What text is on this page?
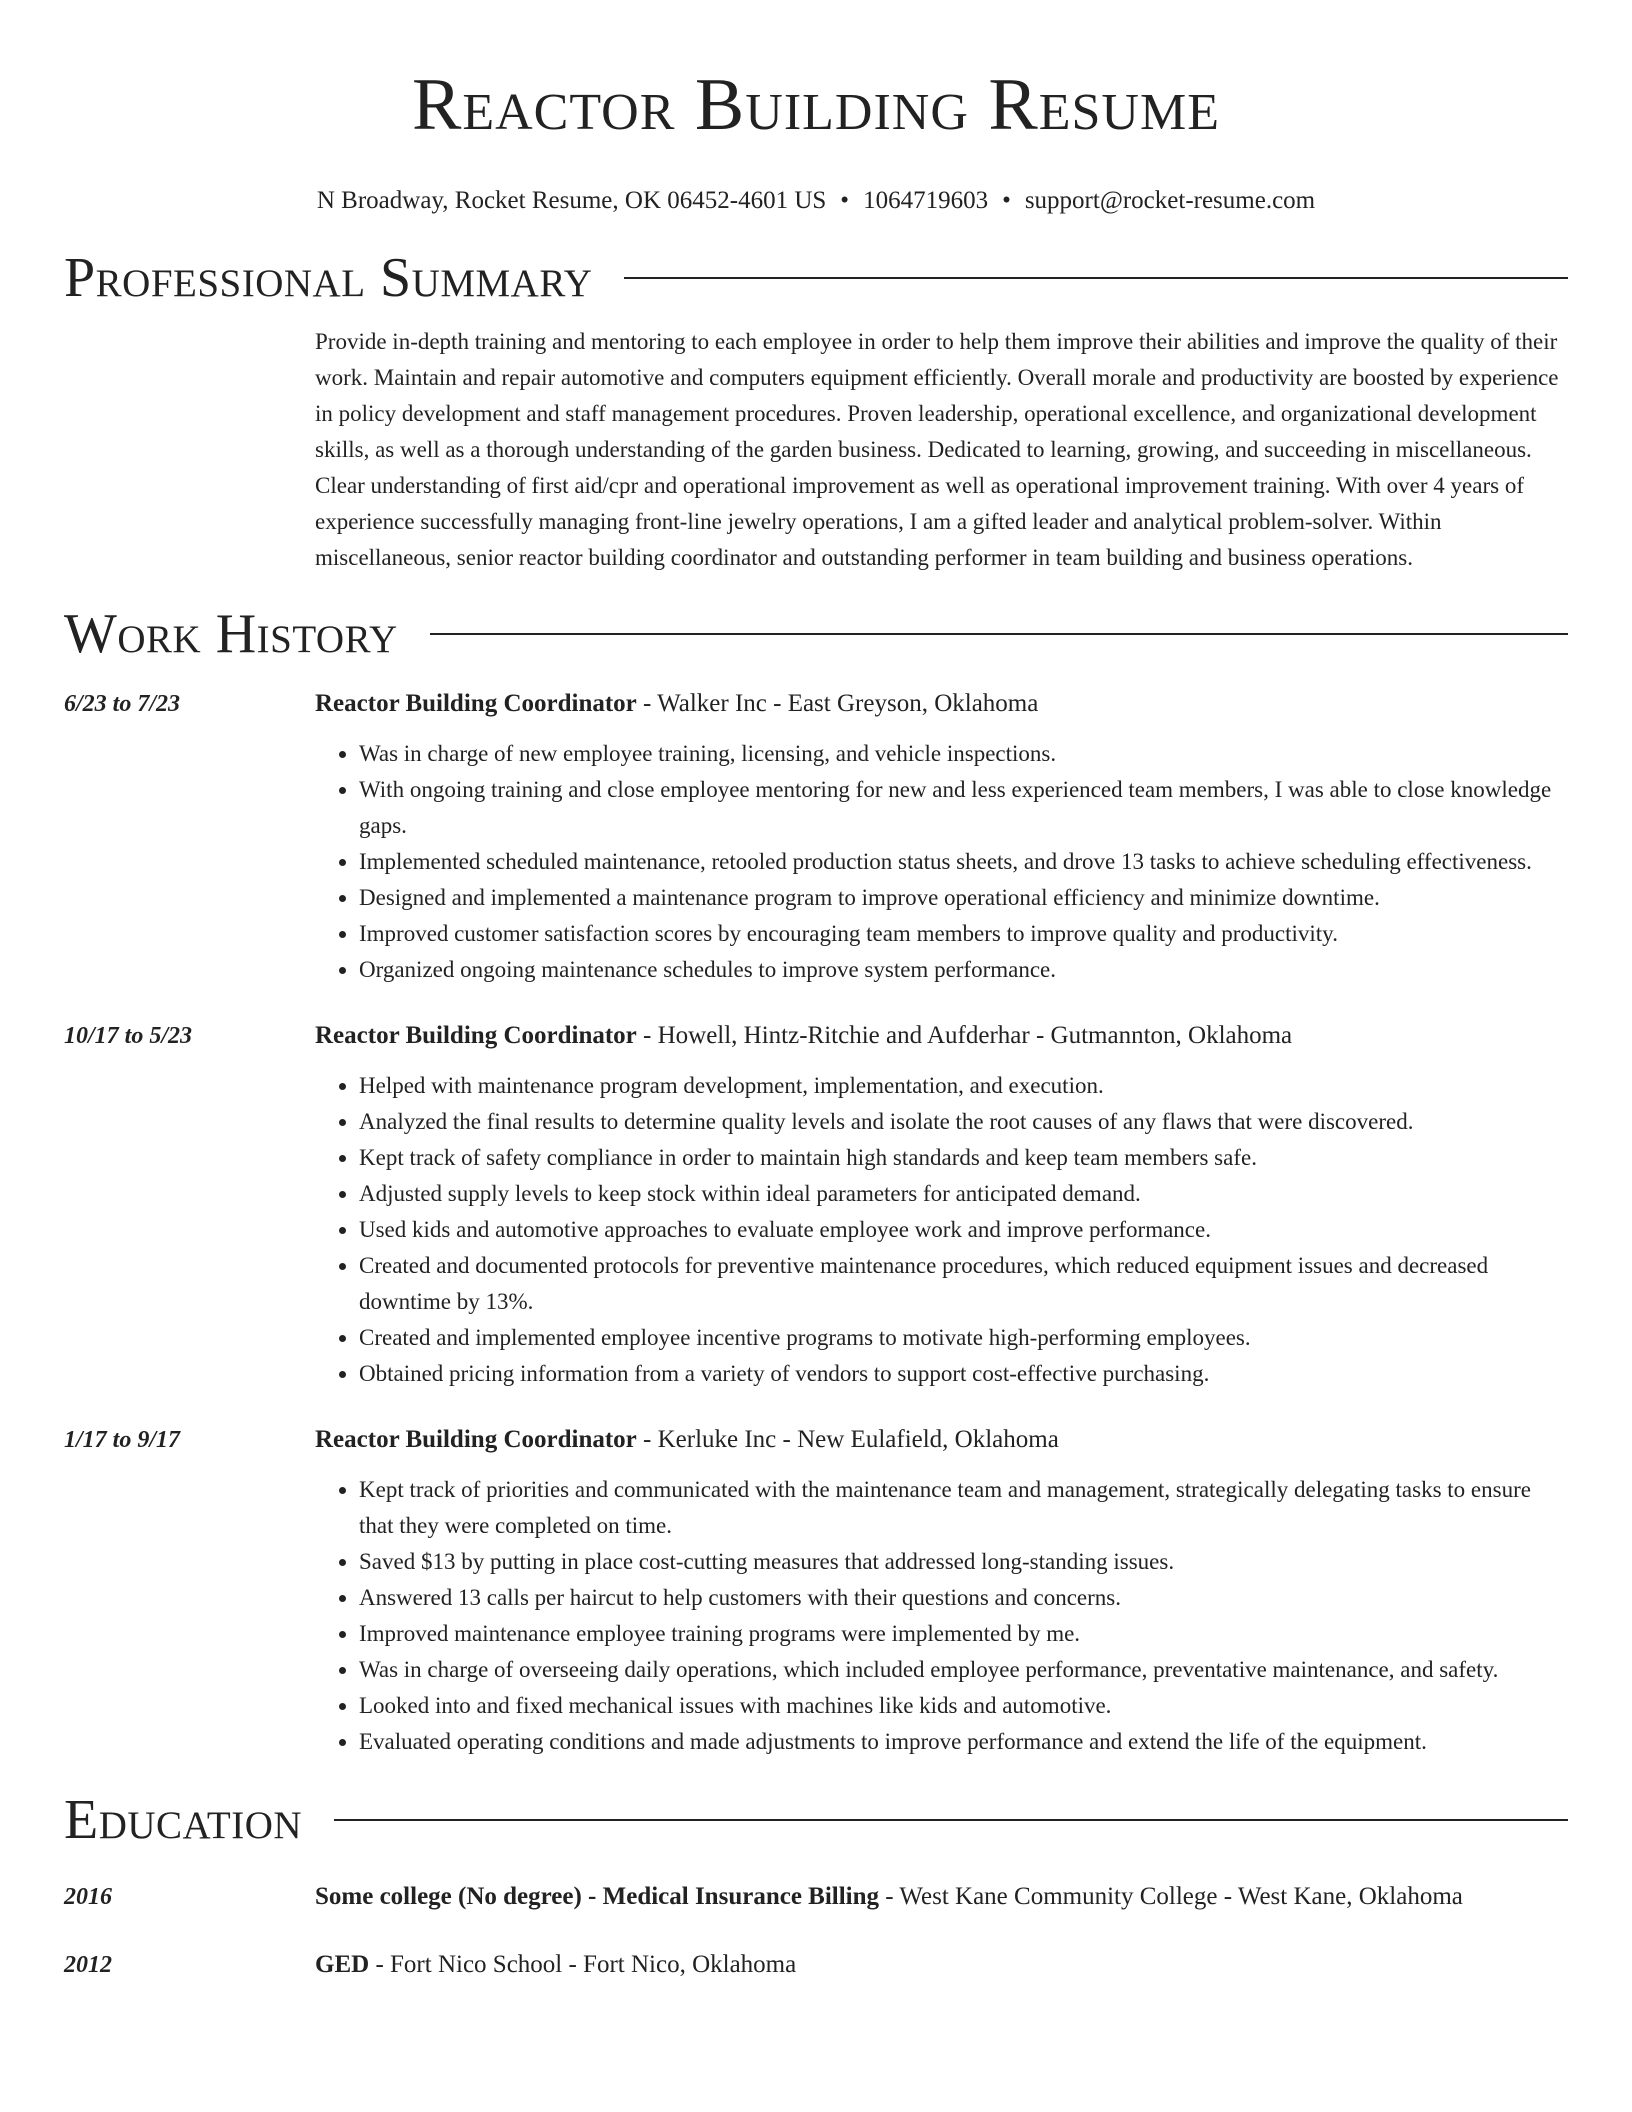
Reactor Building Resume
N Broadway, Rocket Resume, OK 06452-4601 US • 1064719603 • support@rocket-resume.com
Professional Summary
Provide in-depth training and mentoring to each employee in order to help them improve their abilities and improve the quality of their work. Maintain and repair automotive and computers equipment efficiently. Overall morale and productivity are boosted by experience in policy development and staff management procedures. Proven leadership, operational excellence, and organizational development skills, as well as a thorough understanding of the garden business. Dedicated to learning, growing, and succeeding in miscellaneous. Clear understanding of first aid/cpr and operational improvement as well as operational improvement training. With over 4 years of experience successfully managing front-line jewelry operations, I am a gifted leader and analytical problem-solver. Within miscellaneous, senior reactor building coordinator and outstanding performer in team building and business operations.
Work History
6/23 to 7/23	Reactor Building Coordinator - Walker Inc - East Greyson, Oklahoma
• Was in charge of new employee training, licensing, and vehicle inspections.
• With ongoing training and close employee mentoring for new and less experienced team members, I was able to close knowledge gaps.
• Implemented scheduled maintenance, retooled production status sheets, and drove 13 tasks to achieve scheduling effectiveness.
• Designed and implemented a maintenance program to improve operational efficiency and minimize downtime.
• Improved customer satisfaction scores by encouraging team members to improve quality and productivity.
• Organized ongoing maintenance schedules to improve system performance.
10/17 to 5/23	Reactor Building Coordinator - Howell, Hintz-Ritchie and Aufderhar - Gutmannton, Oklahoma
• Helped with maintenance program development, implementation, and execution.
• Analyzed the final results to determine quality levels and isolate the root causes of any flaws that were discovered.
• Kept track of safety compliance in order to maintain high standards and keep team members safe.
• Adjusted supply levels to keep stock within ideal parameters for anticipated demand.
• Used kids and automotive approaches to evaluate employee work and improve performance.
• Created and documented protocols for preventive maintenance procedures, which reduced equipment issues and decreased downtime by 13%.
• Created and implemented employee incentive programs to motivate high-performing employees.
• Obtained pricing information from a variety of vendors to support cost-effective purchasing.
1/17 to 9/17	Reactor Building Coordinator - Kerluke Inc - New Eulafield, Oklahoma
• Kept track of priorities and communicated with the maintenance team and management, strategically delegating tasks to ensure that they were completed on time.
• Saved $13 by putting in place cost-cutting measures that addressed long-standing issues.
• Answered 13 calls per haircut to help customers with their questions and concerns.
• Improved maintenance employee training programs were implemented by me.
• Was in charge of overseeing daily operations, which included employee performance, preventative maintenance, and safety.
• Looked into and fixed mechanical issues with machines like kids and automotive.
• Evaluated operating conditions and made adjustments to improve performance and extend the life of the equipment.
Education
2016	Some college (No degree) - Medical Insurance Billing - West Kane Community College - West Kane, Oklahoma
2012	GED - Fort Nico School - Fort Nico, Oklahoma
